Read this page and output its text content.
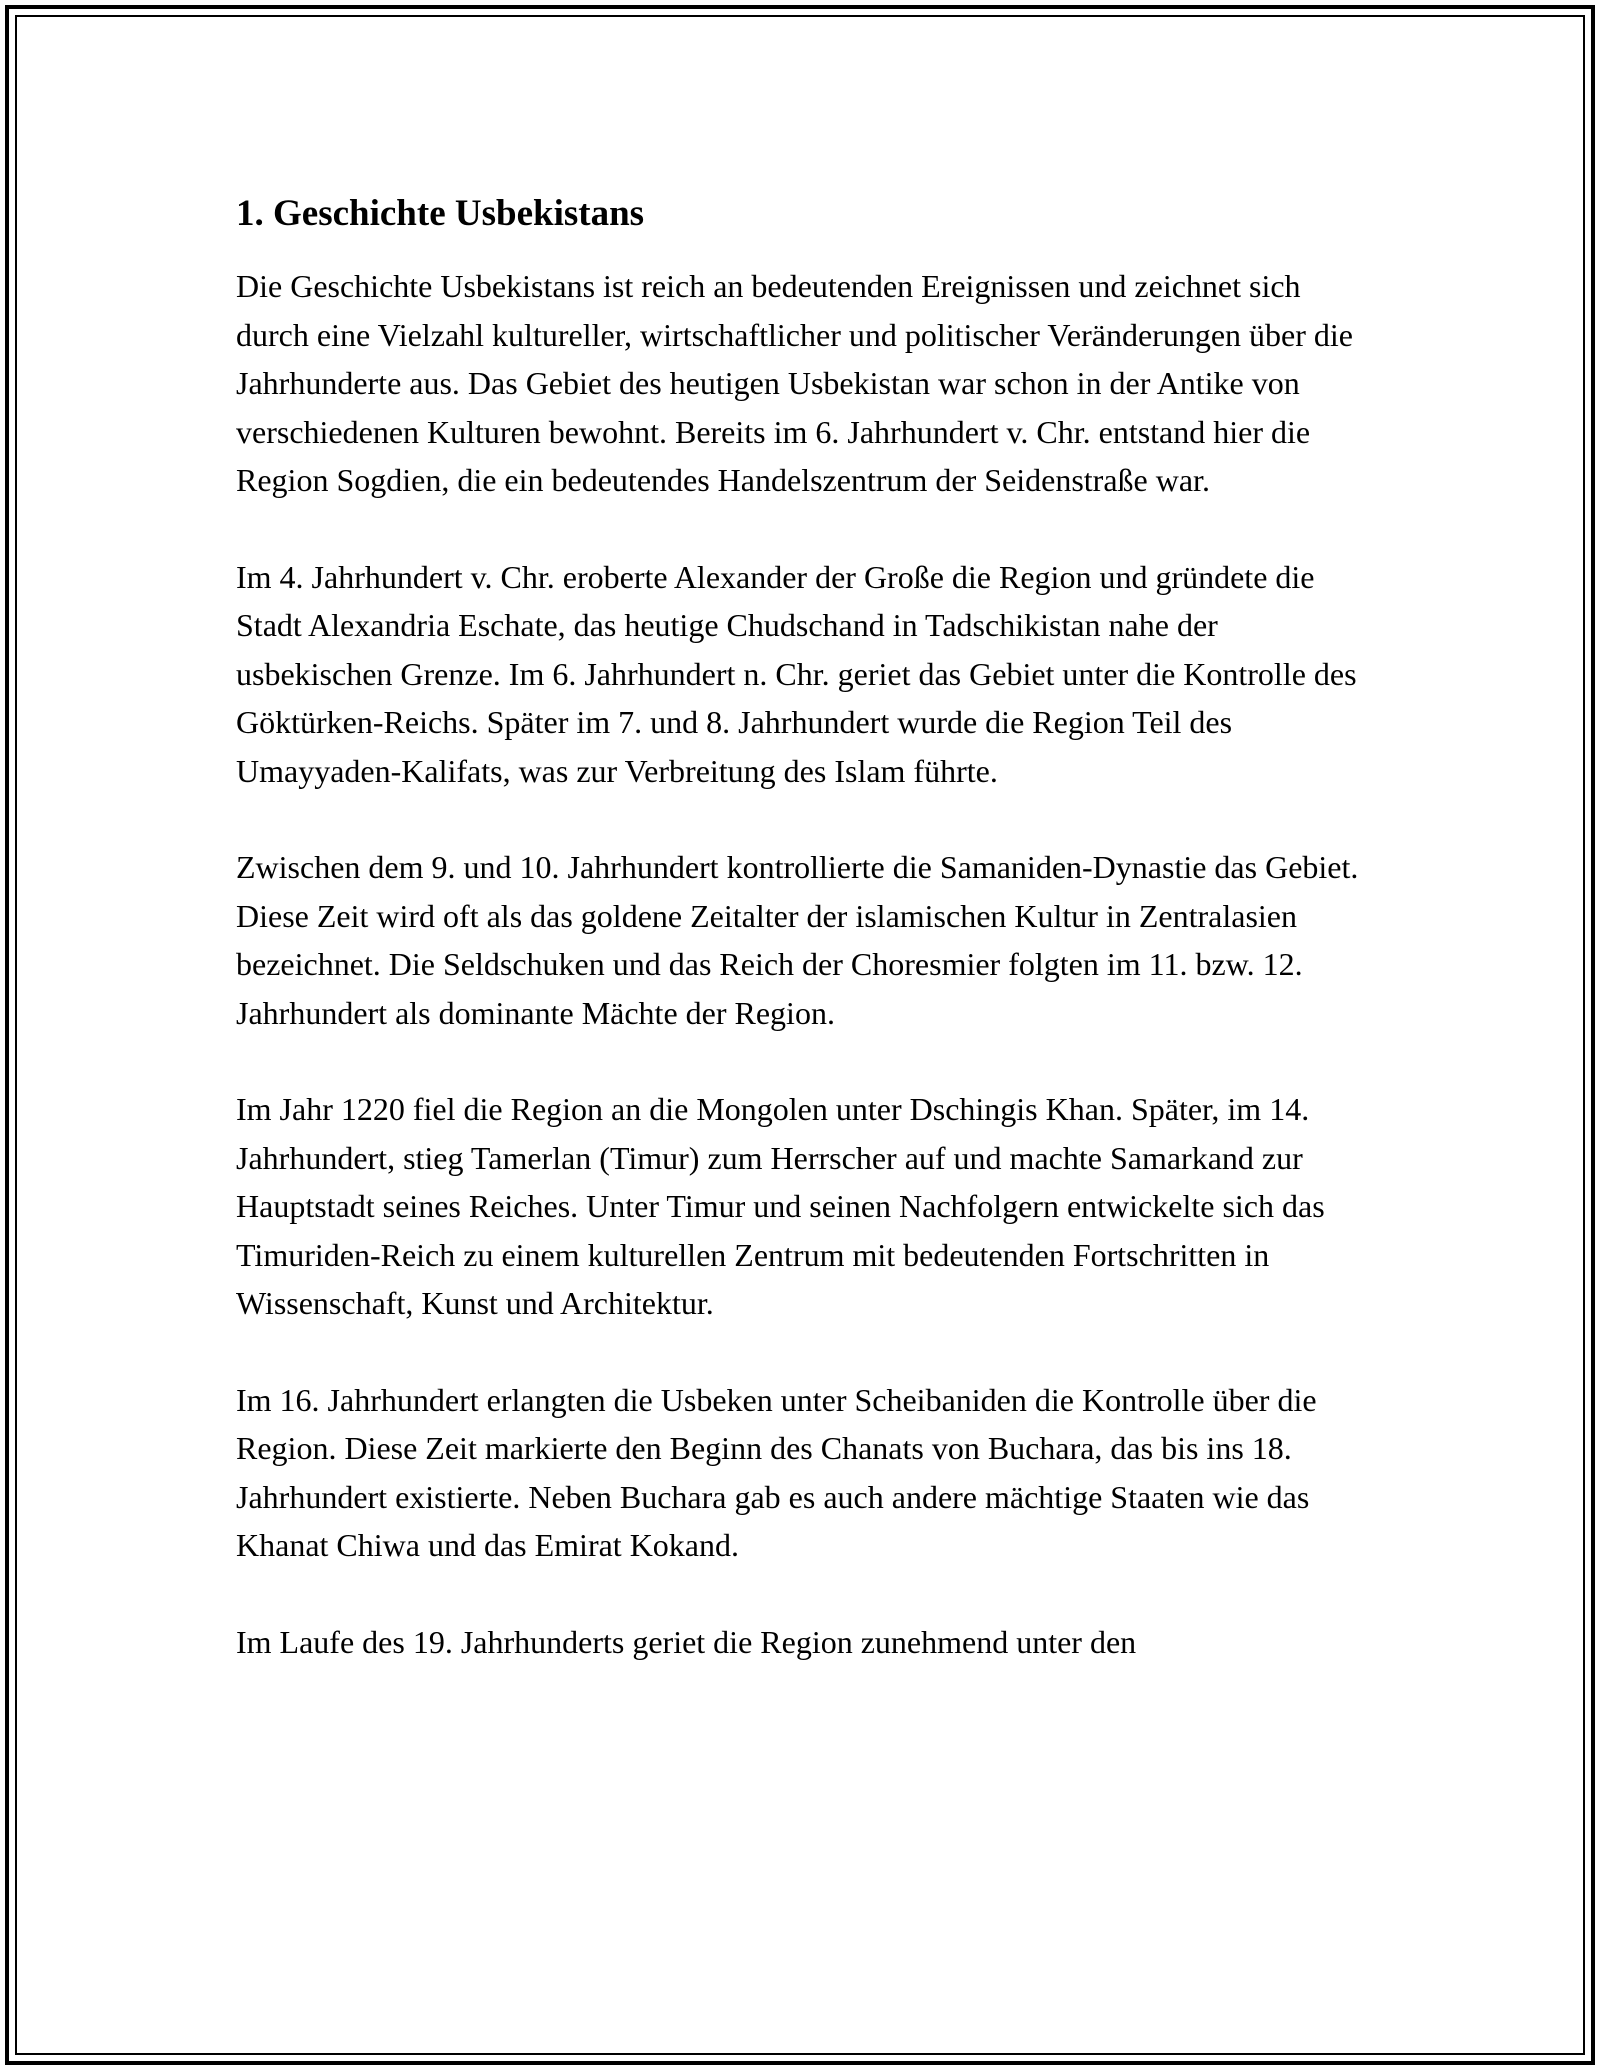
1. Geschichte Usbekistans

Die Geschichte Usbekistans ist reich an bedeutenden Ereignissen und zeichnet sich durch eine Vielzahl kultureller, wirtschaftlicher und politischer Veränderungen über die Jahrhunderte aus. Das Gebiet des heutigen Usbekistan war schon in der Antike von verschiedenen Kulturen bewohnt. Bereits im 6. Jahrhundert v. Chr. entstand hier die Region Sogdien, die ein bedeutendes Handelszentrum der Seidenstraße war.

Im 4. Jahrhundert v. Chr. eroberte Alexander der Große die Region und gründete die Stadt Alexandria Eschate, das heutige Chudschand in Tadschikistan nahe der usbekischen Grenze. Im 6. Jahrhundert n. Chr. geriet das Gebiet unter die Kontrolle des Göktürken-Reichs. Später im 7. und 8. Jahrhundert wurde die Region Teil des Umayyaden-Kalifats, was zur Verbreitung des Islam führte.

Zwischen dem 9. und 10. Jahrhundert kontrollierte die Samaniden-Dynastie das Gebiet. Diese Zeit wird oft als das goldene Zeitalter der islamischen Kultur in Zentralasien bezeichnet. Die Seldschuken und das Reich der Choresmier folgten im 11. bzw. 12. Jahrhundert als dominante Mächte der Region.

Im Jahr 1220 fiel die Region an die Mongolen unter Dschingis Khan. Später, im 14. Jahrhundert, stieg Tamerlan (Timur) zum Herrscher auf und machte Samarkand zur Hauptstadt seines Reiches. Unter Timur und seinen Nachfolgern entwickelte sich das Timuriden-Reich zu einem kulturellen Zentrum mit bedeutenden Fortschritten in Wissenschaft, Kunst und Architektur.

Im 16. Jahrhundert erlangten die Usbeken unter Scheibaniden die Kontrolle über die Region. Diese Zeit markierte den Beginn des Chanats von Buchara, das bis ins 18. Jahrhundert existierte. Neben Buchara gab es auch andere mächtige Staaten wie das Khanat Chiwa und das Emirat Kokand.

Im Laufe des 19. Jahrhunderts geriet die Region zunehmend unter den
